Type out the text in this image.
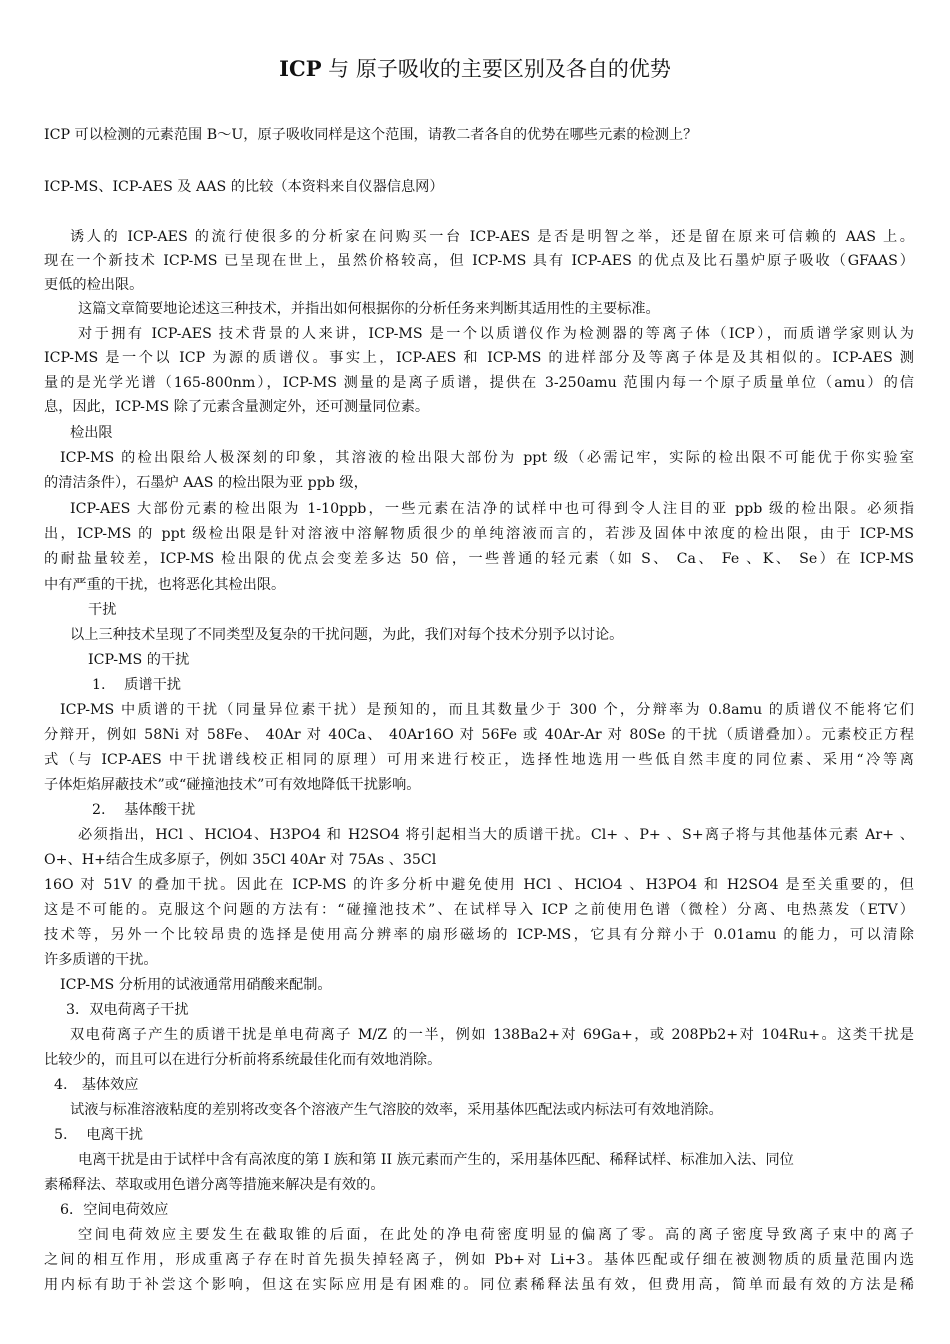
ICP 与 原子吸收的主要区别及各自的优势
ICP 可以检测的元素范围 B～U，原子吸收同样是这个范围，请教二者各自的优势在哪些元素的检测上？
ICP-MS、ICP-AES 及 AAS 的比较（本资料来自仪器信息网）
诱人的 ICP-AES 的流行使很多的分析家在问购买一台 ICP-AES 是否是明智之举，还是留在原来可信赖的 AAS 上。
现在一个新技术 ICP-MS 已呈现在世上，虽然价格较高，但 ICP-MS 具有 ICP-AES 的优点及比石墨炉原子吸收（GFAAS）
更低的检出限。
这篇文章简要地论述这三种技术，并指出如何根据你的分析任务来判断其适用性的主要标准。
对于拥有 ICP-AES 技术背景的人来讲，ICP-MS 是一个以质谱仪作为检测器的等离子体（ICP），而质谱学家则认为
ICP-MS 是一个以 ICP 为源的质谱仪。事实上，ICP-AES 和 ICP-MS 的进样部分及等离子体是及其相似的。ICP-AES 测
量的是光学光谱（165-800nm），ICP-MS 测量的是离子质谱，提供在 3-250amu 范围内每一个原子质量单位（amu）的信
息，因此，ICP-MS 除了元素含量测定外，还可测量同位素。
检出限
ICP-MS 的检出限给人极深刻的印象，其溶液的检出限大部份为 ppt 级（必需记牢，实际的检出限不可能优于你实验室
的清洁条件），石墨炉 AAS 的检出限为亚 ppb 级，
ICP-AES 大部份元素的检出限为 1-10ppb，一些元素在洁净的试样中也可得到令人注目的亚 ppb 级的检出限。必须指
出，ICP-MS 的 ppt 级检出限是针对溶液中溶解物质很少的单纯溶液而言的，若涉及固体中浓度的检出限，由于 ICP-MS
的耐盐量较差，ICP-MS 检出限的优点会变差多达 50 倍，一些普通的轻元素（如 S、 Ca、 Fe 、K、 Se）在 ICP-MS
中有严重的干扰，也将恶化其检出限。
干扰
以上三种技术呈现了不同类型及复杂的干扰问题，为此，我们对每个技术分别予以讨论。
ICP-MS 的干扰
1.　 质谱干扰
ICP-MS 中质谱的干扰（同量异位素干扰）是预知的，而且其数量少于 300 个，分辩率为 0.8amu 的质谱仪不能将它们
分辩开，例如 58Ni 对 58Fe、 40Ar 对 40Ca、 40Ar16O 对 56Fe 或 40Ar-Ar 对 80Se 的干扰（质谱叠加）。元素校正方程
式（与 ICP-AES 中干扰谱线校正相同的原理）可用来进行校正，选择性地选用一些低自然丰度的同位素、采用“冷等离
子体炬焰屏蔽技术”或“碰撞池技术”可有效地降低干扰影响。
2.　 基体酸干扰
必须指出，HCl 、HClO4、H3PO4 和 H2SO4 将引起相当大的质谱干扰。Cl+ 、P+ 、S+离子将与其他基体元素 Ar+ 、
O+、H+结合生成多原子，例如 35Cl 40Ar 对 75As 、35Cl
16O 对 51V 的叠加干扰。因此在 ICP-MS 的许多分析中避免使用 HCl 、HClO4 、H3PO4 和 H2SO4 是至关重要的，但
这是不可能的。克服这个问题的方法有：“碰撞池技术”、在试样导入 ICP 之前使用色谱（微栓）分离、电热蒸发（ETV）
技术等，另外一个比较昂贵的选择是使用高分辨率的扇形磁场的 ICP-MS，它具有分辩小于 0.01amu 的能力，可以清除
许多质谱的干扰。
ICP-MS 分析用的试液通常用硝酸来配制。
3．双电荷离子干扰
双电荷离子产生的质谱干扰是单电荷离子 M/Z 的一半，例如 138Ba2+对 69Ga+，或 208Pb2+对 104Ru+。这类干扰是
比较少的，而且可以在进行分析前将系统最佳化而有效地消除。
4.　基体效应
试液与标准溶液粘度的差别将改变各个溶液产生气溶胶的效率，采用基体匹配法或内标法可有效地消除。
5.　 电离干扰
电离干扰是由于试样中含有高浓度的第 I 族和第 II 族元素而产生的，采用基体匹配、稀释试样、标准加入法、同位
素稀释法、萃取或用色谱分离等措施来解决是有效的。
6．空间电荷效应
空间电荷效应主要发生在截取锥的后面，在此处的净电荷密度明显的偏离了零。高的离子密度导致离子束中的离子
之间的相互作用，形成重离子存在时首先损失掉轻离子，例如 Pb+对 Li+3。基体匹配或仔细在被测物质的质量范围内选
用内标有助于补尝这个影响，但这在实际应用是有困难的。同位素稀释法虽有效，但费用高，简单而最有效的方法是稀
